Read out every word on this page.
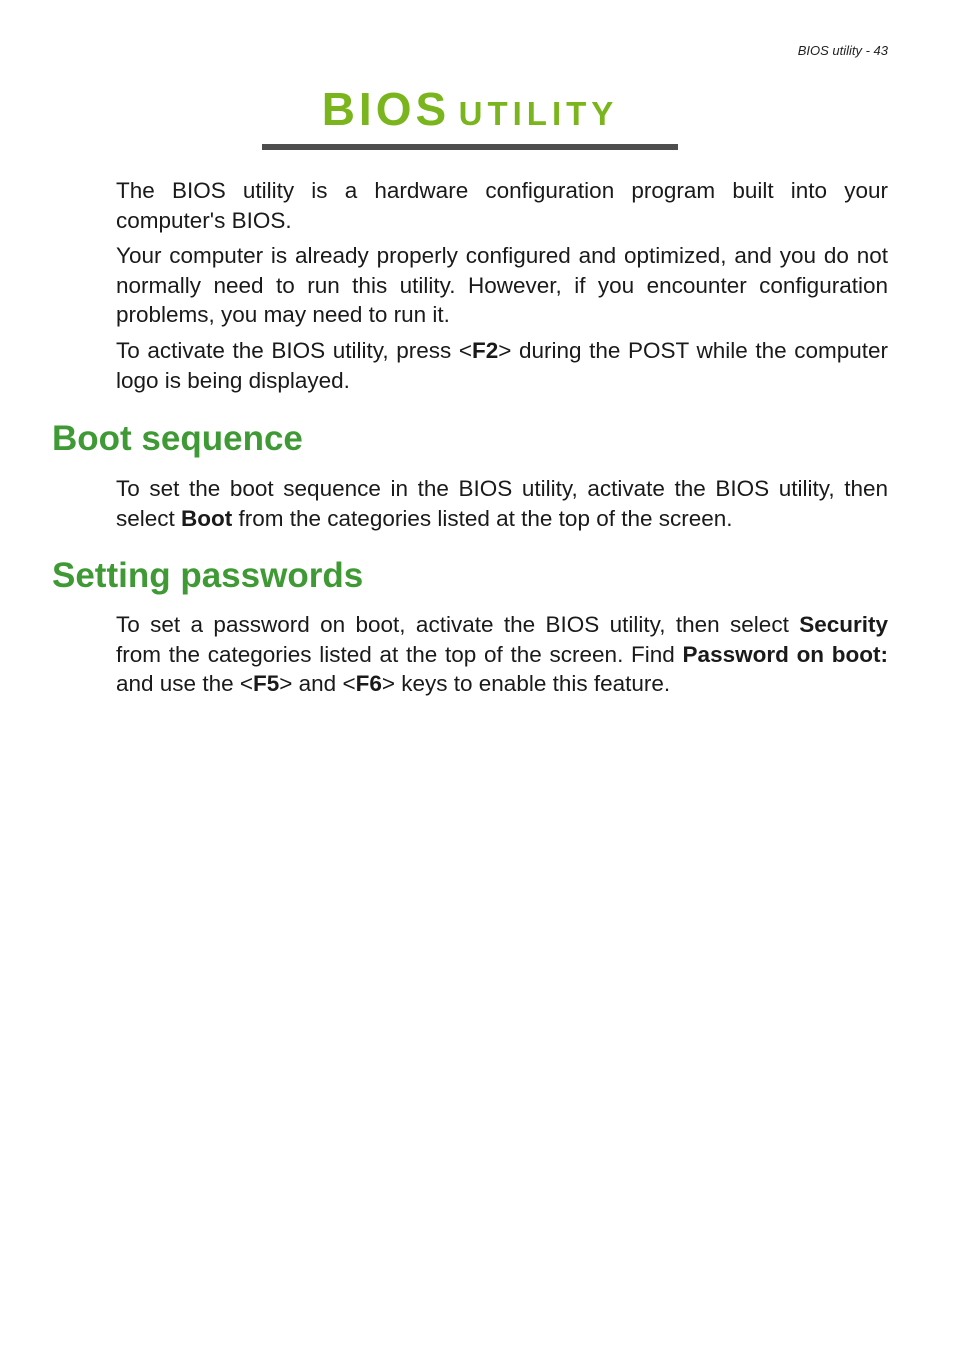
BIOS utility - 43
BIOS UTILITY

The BIOS utility is a hardware configuration program built into your computer's BIOS.

Your computer is already properly configured and optimized, and you do not normally need to run this utility. However, if you encounter configuration problems, you may need to run it.

To activate the BIOS utility, press <F2> during the POST while the computer logo is being displayed.

Boot sequence

To set the boot sequence in the BIOS utility, activate the BIOS utility, then select Boot from the categories listed at the top of the screen.

Setting passwords

To set a password on boot, activate the BIOS utility, then select Security from the categories listed at the top of the screen. Find Password on boot: and use the <F5> and <F6> keys to enable this feature.
